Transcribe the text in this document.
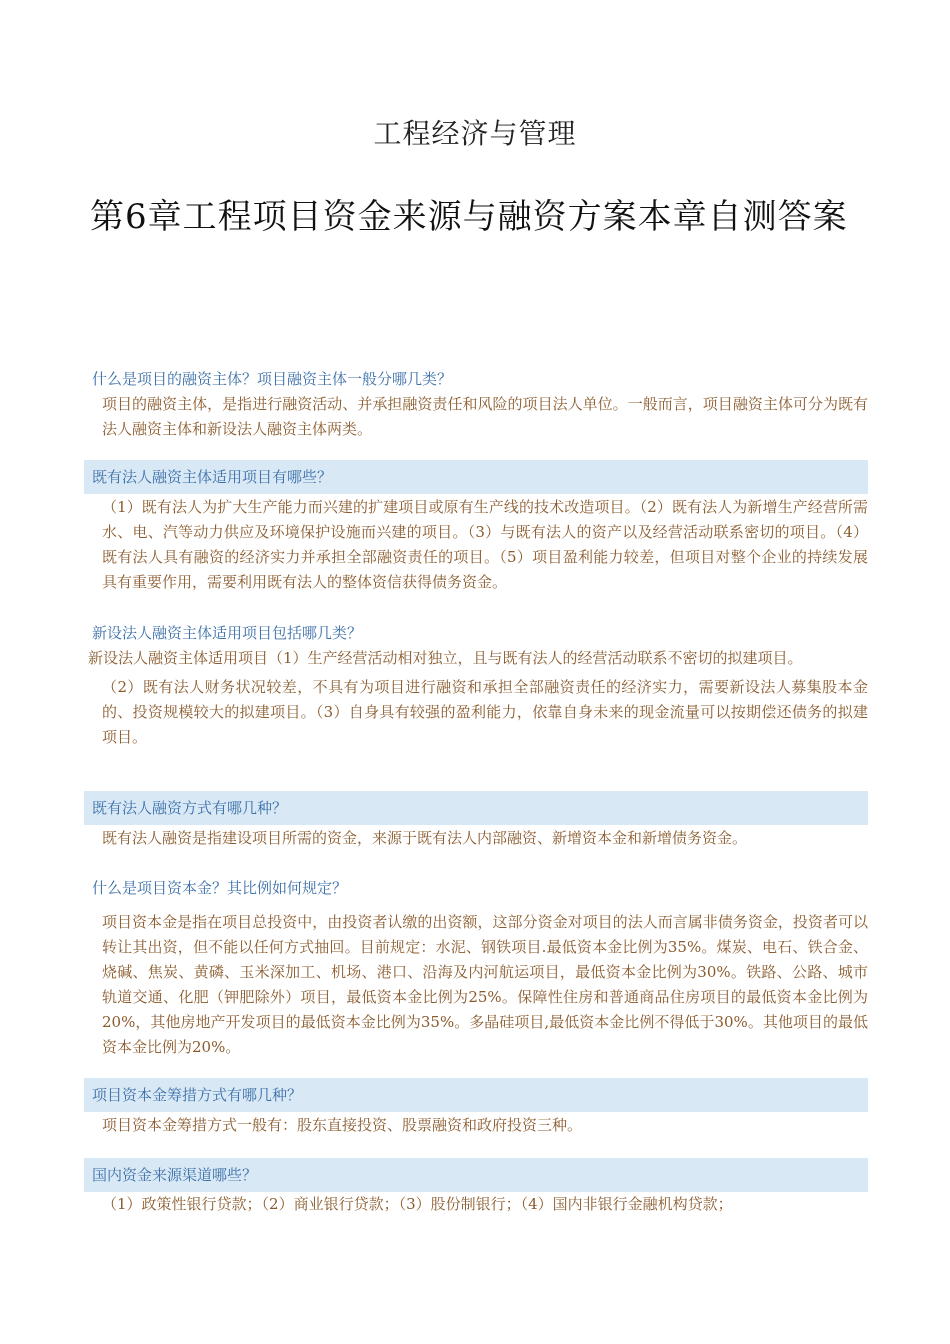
工程经济与管理
第6章工程项目资金来源与融资方案本章自测答案
什么是项目的融资主体？项目融资主体一般分哪几类？

项目的融资主体，是指进行融资活动、并承担融资责任和风险的项目法人单位。一般而言，项目融资主体可分为既有法人融资主体和新设法人融资主体两类。

既有法人融资主体适用项目有哪些？

（1）既有法人为扩大生产能力而兴建的扩建项目或原有生产线的技术改造项目。（2）既有法人为新增生产经营所需水、电、汽等动力供应及环境保护设施而兴建的项目。（3）与既有法人的资产以及经营活动联系密切的项目。（4）既有法人具有融资的经济实力并承担全部融资责任的项目。（5）项目盈利能力较差，但项目对整个企业的持续发展具有重要作用，需要利用既有法人的整体资信获得债务资金。

新设法人融资主体适用项目包括哪几类？

新设法人融资主体适用项目（1）生产经营活动相对独立，且与既有法人的经营活动联系不密切的拟建项目。

（2）既有法人财务状况较差，不具有为项目进行融资和承担全部融资责任的经济实力，需要新设法人募集股本金的、投资规模较大的拟建项目。（3）自身具有较强的盈利能力，依靠自身未来的现金流量可以按期偿还债务的拟建项目。

既有法人融资方式有哪几种？

既有法人融资是指建设项目所需的资金，来源于既有法人内部融资、新增资本金和新增债务资金。

什么是项目资本金？其比例如何规定？

项目资本金是指在项目总投资中，由投资者认缴的出资额，这部分资金对项目的法人而言属非债务资金，投资者可以转让其出资，但不能以任何方式抽回。目前规定：水泥、钢铁项目.最低资本金比例为35%。煤炭、电石、铁合金、烧碱、焦炭、黄磷、玉米深加工、机场、港口、沿海及内河航运项目，最低资本金比例为30%。铁路、公路、城市轨道交通、化肥（钾肥除外）项目，最低资本金比例为25%。保障性住房和普通商品住房项目的最低资本金比例为20%，其他房地产开发项目的最低资本金比例为35%。多晶硅项目,最低资本金比例不得低于30%。其他项目的最低资本金比例为20%。

项目资本金筹措方式有哪几种？

项目资本金筹措方式一般有：股东直接投资、股票融资和政府投资三种。

国内资金来源渠道哪些？

（1）政策性银行贷款；（2）商业银行贷款；（3）股份制银行；（4）国内非银行金融机构贷款；
